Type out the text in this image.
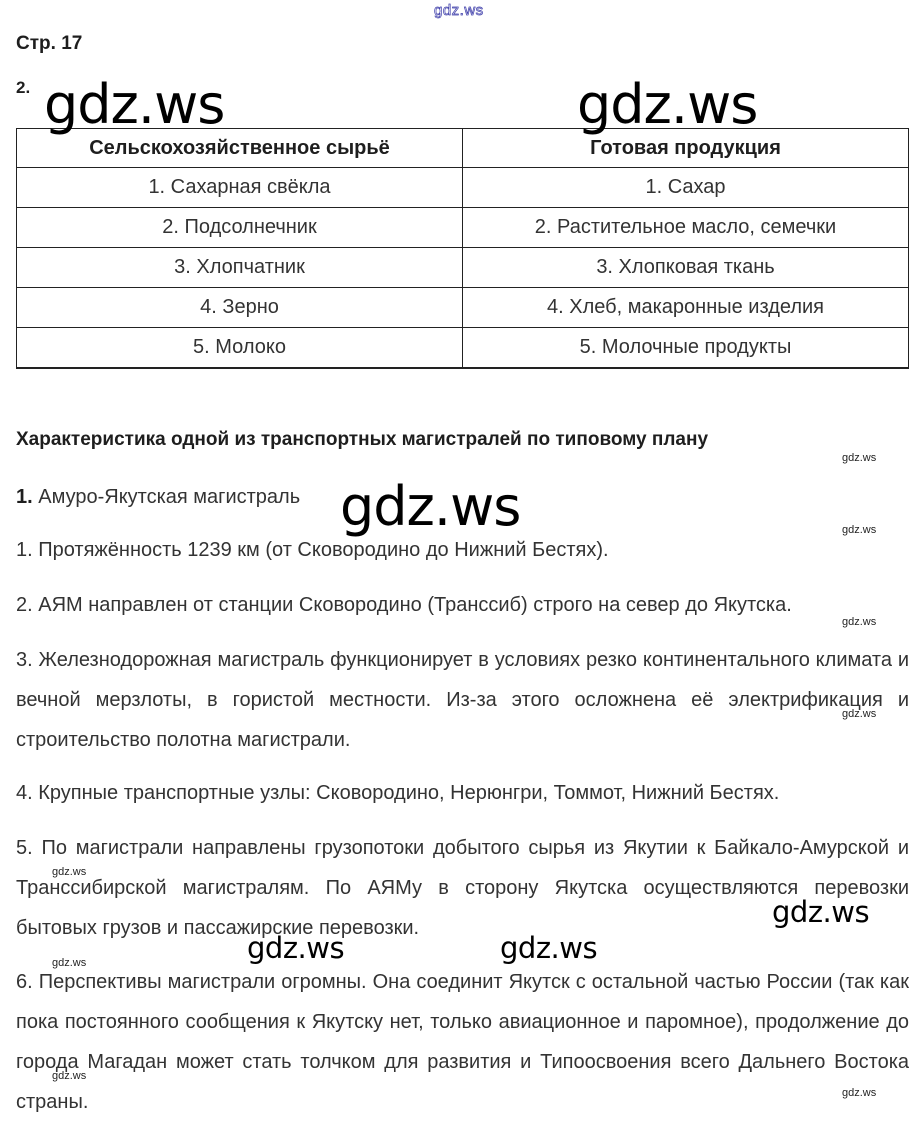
gdz.ws
Стр. 17
2.
Сельскохозяйственное сырьё	Готовая продукция
1. Сахарная свёкла	1. Сахар
2. Подсолнечник	2. Растительное масло, семечки
3. Хлопчатник	3. Хлопковая ткань
4. Зерно	4. Хлеб, макаронные изделия
5. Молоко	5. Молочные продукты
Характеристика одной из транспортных магистралей по типовому плану
1. Амуро-Якутская магистраль
1. Протяжённость 1239 км (от Сковородино до Нижний Бестях).
2. АЯМ направлен от станции Сковородино (Транссиб) строго на север до Якутска.
3. Железнодорожная магистраль функционирует в условиях резко континентального климата и вечной мерзлоты, в гористой местности. Из-за этого осложнена её электрификация и строительство полотна магистрали.
4. Крупные транспортные узлы: Сковородино, Нерюнгри, Томмот, Нижний Бестях.
5. По магистрали направлены грузопотоки добытого сырья из Якутии к Байкало-Амурской и Транссибирской магистралям. По АЯМу в сторону Якутска осуществляются перевозки бытовых грузов и пассажирские перевозки.
6. Перспективы магистрали огромны. Она соединит Якутск с остальной частью России (так как пока постоянного сообщения к Якутску нет, только авиационное и паромное), продолжение до города Магадан может стать толчком для развития и Типоосвоения всего Дальнего Востока страны.
gdz.ws	gdz.ws
gdz.ws
gdz.ws
gdz.ws	gdz.ws
gdz.ws
gdz.ws
gdz.ws
gdz.ws
gdz.ws
gdz.ws
gdz.ws
gdz.ws
